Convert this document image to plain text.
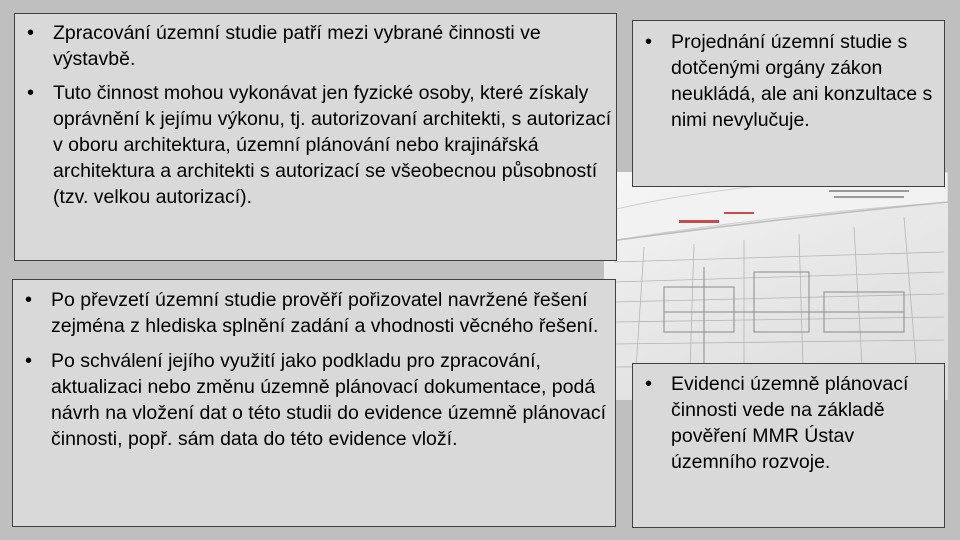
• Zpracování územní studie patří mezi vybrané činnosti ve výstavbě.
• Tuto činnost mohou vykonávat jen fyzické osoby, které získaly oprávnění k jejímu výkonu, tj. autorizovaní architekti, s autorizací v oboru architektura, územní plánování nebo krajinářská architektura a architekti s autorizací se všeobecnou působností (tzv. velkou autorizací).
• Projednání územní studie s dotčenými orgány zákon neukládá, ale ani konzultace s nimi nevylučuje.
• Po převzetí územní studie prověří pořizovatel navržené řešení zejména z hlediska splnění zadání a vhodnosti věcného řešení.
• Po schválení jejího využití jako podkladu pro zpracování, aktualizaci nebo změnu územně plánovací dokumentace, podá návrh na vložení dat o této studii do evidence územně plánovací činnosti, popř. sám data do této evidence vloží.
• Evidenci územně plánovací činnosti vede na základě pověření MMR Ústav územního rozvoje.
